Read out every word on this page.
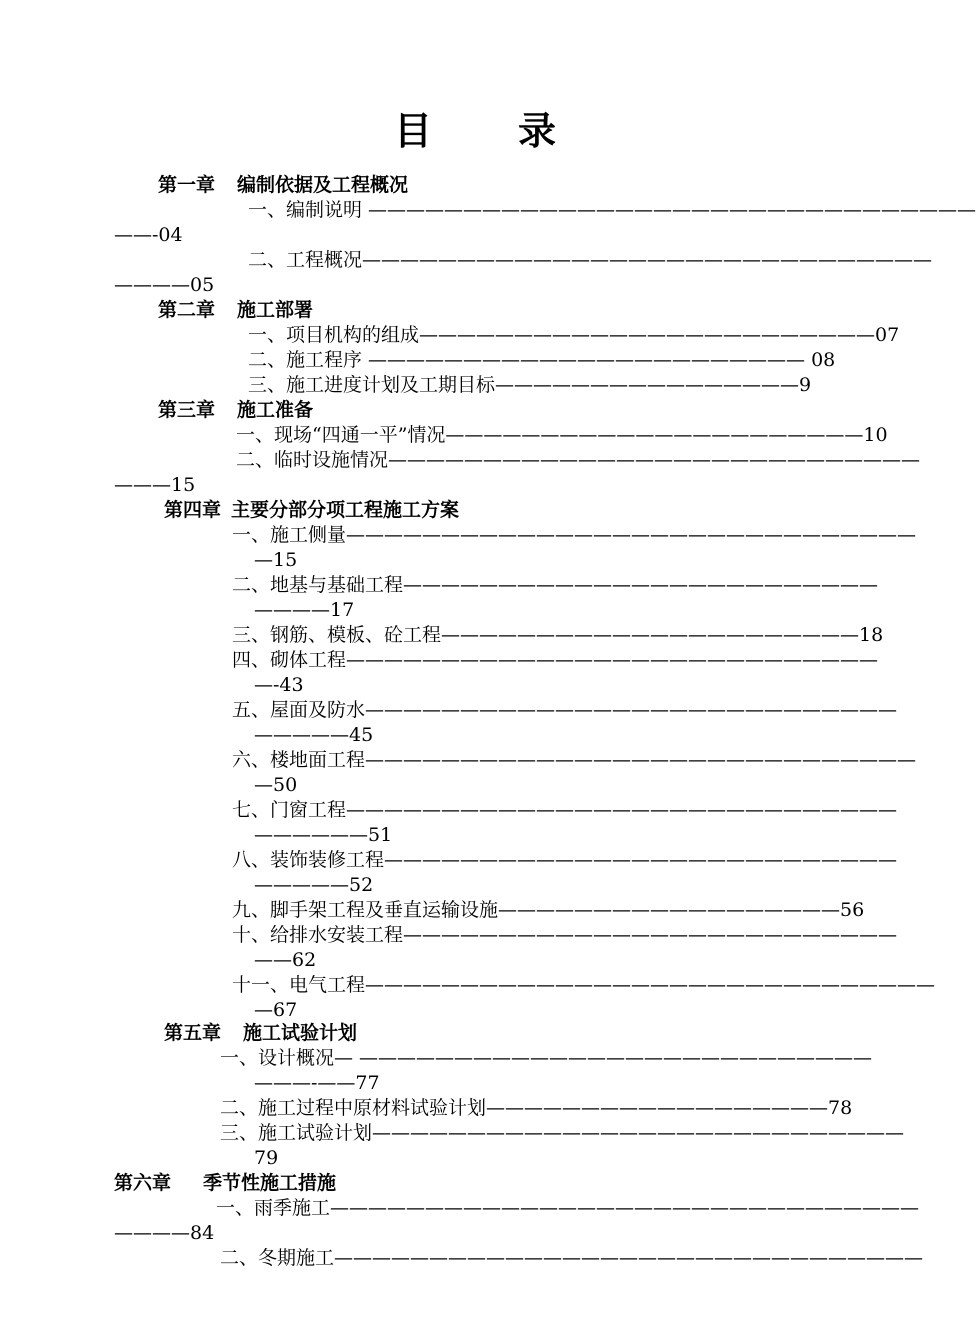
目 录
第一章 编制依据及工程概况
一、编制说明 ————————————————————————————————
——-04
二、工程概况——————————————————————————————
————05
第二章 施工部署
一、项目机构的组成————————————————————————07
二、施工程序 ——————————————————————— 08
三、施工进度计划及工期目标————————————————9
第三章 施工准备
一、现场“四通一平”情况——————————————————————10
二、临时设施情况————————————————————————————
———15
第四章 主要分部分项工程施工方案
一、施工侧量——————————————————————————————
—15
二、地基与基础工程—————————————————————————
————17
三、钢筋、模板、砼工程——————————————————————18
四、砌体工程————————————————————————————
—-43
五、屋面及防水————————————————————————————
—————45
六、楼地面工程—————————————————————————————
—50
七、门窗工程—————————————————————————————
——————51
八、装饰装修工程———————————————————————————
—————52
九、脚手架工程及垂直运输设施——————————————————56
十、给排水安装工程——————————————————————————
——62
十一、电气工程——————————————————————————————
—67
第五章 施工试验计划
一、设计概况— ———————————————————————————
———-——77
二、施工过程中原材料试验计划——————————————————78
三、施工试验计划————————————————————————————
79
第六章 季节性施工措施
一、雨季施工———————————————————————————————
————84
二、冬期施工———————————————————————————————
